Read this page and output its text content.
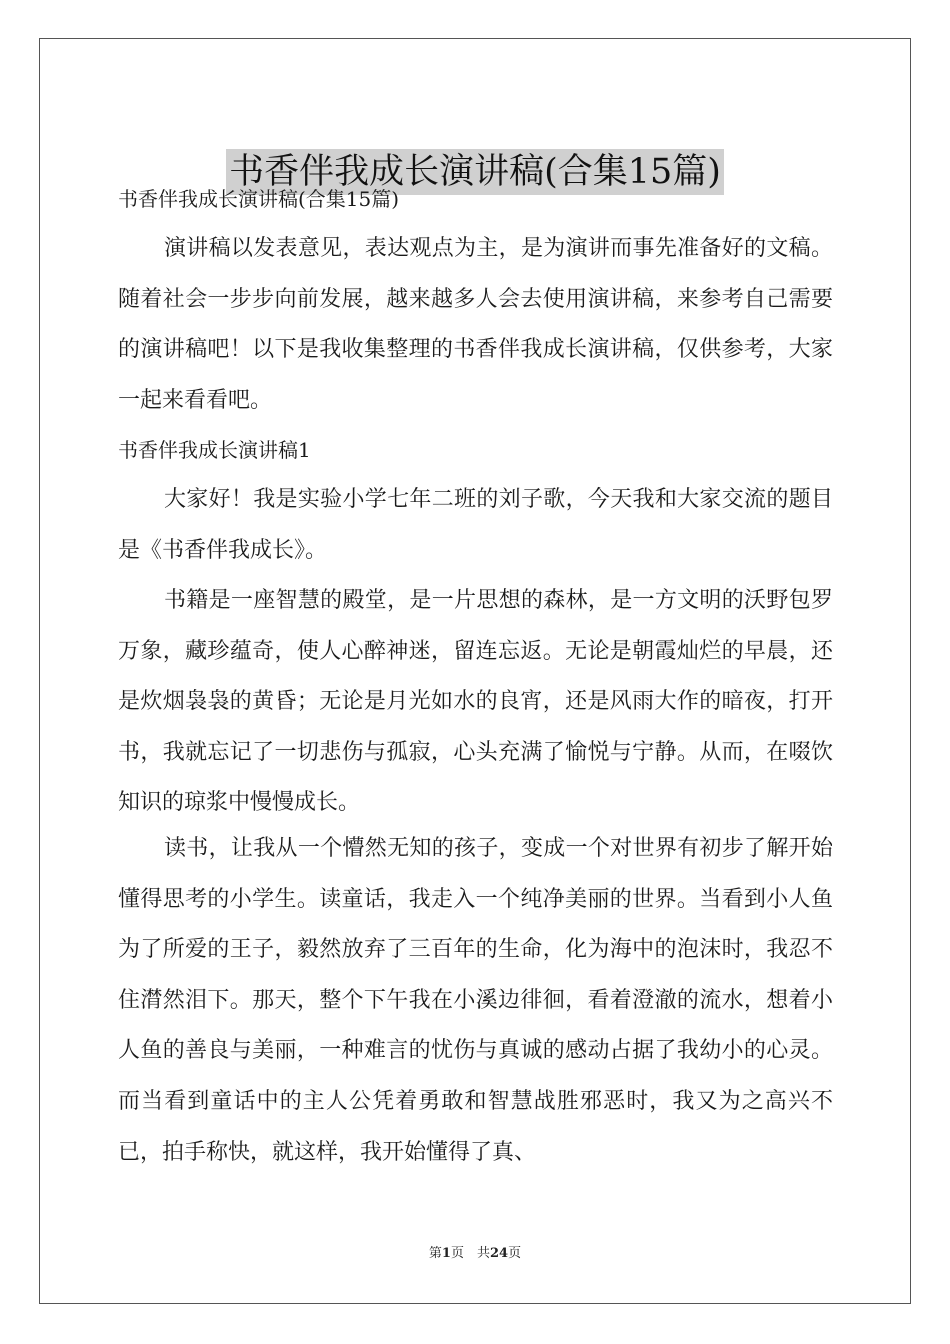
书香伴我成长演讲稿(合集15篇)
书香伴我成长演讲稿(合集15篇)

演讲稿以发表意见，表达观点为主，是为演讲而事先准备好的文稿。随着社会一步步向前发展，越来越多人会去使用演讲稿，来参考自己需要的演讲稿吧！以下是我收集整理的书香伴我成长演讲稿，仅供参考，大家一起来看看吧。

书香伴我成长演讲稿1

大家好！我是实验小学七年二班的刘子歌，今天我和大家交流的题目是《书香伴我成长》。

书籍是一座智慧的殿堂，是一片思想的森林，是一方文明的沃野包罗万象，藏珍蕴奇，使人心醉神迷，留连忘返。无论是朝霞灿烂的早晨，还是炊烟袅袅的黄昏；无论是月光如水的良宵，还是风雨大作的暗夜，打开书，我就忘记了一切悲伤与孤寂，心头充满了愉悦与宁静。从而，在啜饮知识的琼浆中慢慢成长。

读书，让我从一个懵然无知的孩子，变成一个对世界有初步了解开始懂得思考的小学生。读童话，我走入一个纯净美丽的世界。当看到小人鱼为了所爱的王子，毅然放弃了三百年的生命，化为海中的泡沫时，我忍不住潸然泪下。那天，整个下午我在小溪边徘徊，看着澄澈的流水，想着小人鱼的善良与美丽，一种难言的忧伤与真诚的感动占据了我幼小的心灵。而当看到童话中的主人公凭着勇敢和智慧战胜邪恶时，我又为之高兴不已，拍手称快，就这样，我开始懂得了真、

第1页　共24页
